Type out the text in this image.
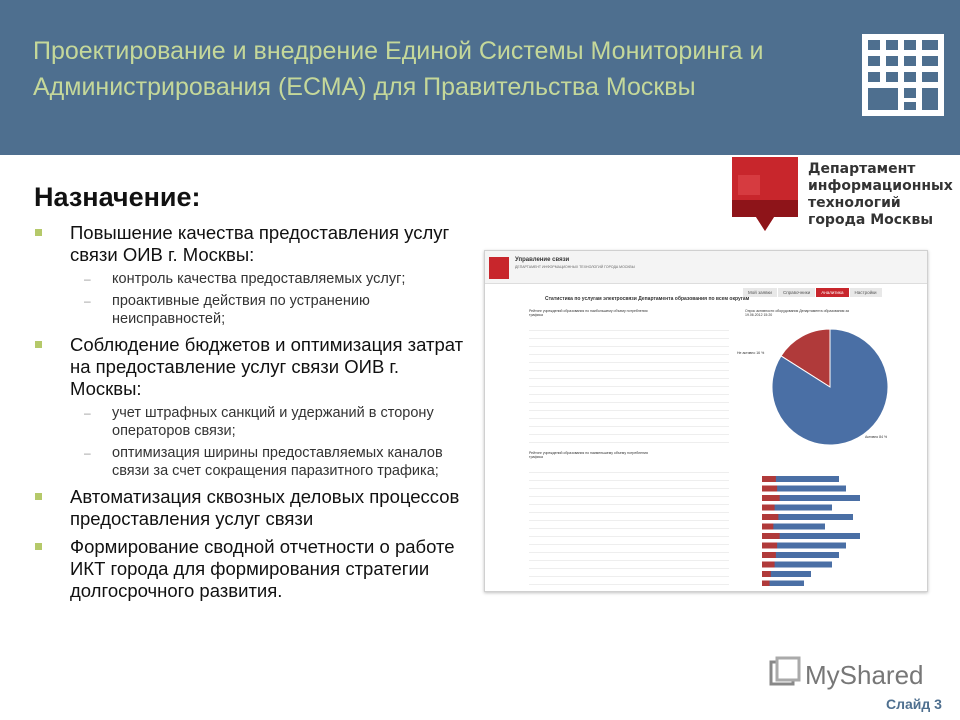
Проектирование и внедрение Единой Системы Мониторинга и Администрирования (ЕСМА) для Правительства Москвы
Департамент информационных технологий города Москвы
Назначение:
Повышение качества предоставления услуг связи ОИВ г. Москвы:
– контроль качества предоставляемых услуг;
– проактивные действия по устранению неисправностей;
Соблюдение бюджетов и оптимизация затрат на предоставление услуг связи ОИВ г. Москвы:
– учет штрафных санкций и удержаний в сторону операторов связи;
– оптимизация ширины предоставляемых каналов связи за счет сокращения паразитного трафика;
Автоматизация сквозных деловых процессов предоставления услуг связи
Формирование сводной отчетности о работе ИКТ города для формирования стратегии долгосрочного развития.
Управление связи
ДЕПАРТАМЕНТ ИНФОРМАЦИОННЫХ ТЕХНОЛОГИЙ ГОРОДА МОСКВЫ
Мой заявки Справочники Аналитика Настройки
Статистика по услугам электросвязи Департамента образования по всем округам
Рейтинг учреждений образования по наибольшему объему потребления трафика
Рейтинг учреждений образования по наименьшему объему потребления трафика
Опрос активности оборудования Департамента образования за 19.06.2012 15:20
Не активно 16 %
Активно 84 %
MyShared
Слайд 3
